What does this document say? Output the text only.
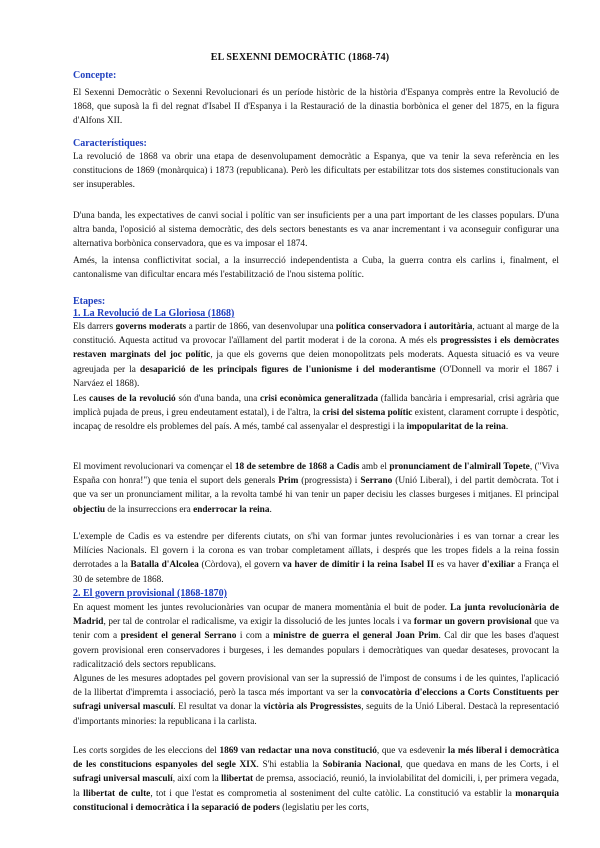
EL SEXENNI DEMOCRÀTIC (1868-74)
Concepte:

El Sexenni Democràtic o Sexenni Revolucionari és un període històric de la història d'Espanya comprès entre la Revolució de 1868, que suposà la fi del regnat d'Isabel II d'Espanya i la Restauració de la dinastia borbònica el gener del 1875, en la figura d'Alfons XII.

Característiques:

La revolució de 1868 va obrir una etapa de desenvolupament democràtic a Espanya, que va tenir la seva referència en les constitucions de 1869 (monàrquica) i 1873 (republicana). Però les dificultats per estabilitzar tots dos sistemes constitucionals van ser insuperables.

D'una banda, les expectatives de canvi social i polític van ser insuficients per a una part important de les classes populars. D'una altra banda, l'oposició al sistema democràtic, des dels sectors benestants es va anar incrementant i va aconseguir configurar una alternativa borbònica conservadora, que es va imposar el 1874.

Amés, la intensa conflictivitat social, a la insurrecció independentista a Cuba, la guerra contra els carlins i, finalment, el cantonalisme van dificultar encara més l'estabilització de l'nou sistema polític.

Etapes:
1. La Revolució de La Gloriosa (1868)

Els darrers governs moderats a partir de 1866, van desenvolupar una política conservadora i autoritària, actuant al marge de la constitució. Aquesta actitud va provocar l'aïllament del partit moderat i de la corona. A més els progressistes i els demòcrates restaven marginats del joc polític, ja que els governs que deien monopolitzats pels moderats. Aquesta situació es va veure agreujada per la desaparició de les principals figures de l'unionisme i del moderantisme (O'Donnell va morir el 1867 i Narváez el 1868).

Les causes de la revolució són d'una banda, una crisi econòmica generalitzada (fallida bancària i empresarial, crisi agrària que implicà pujada de preus, i greu endeutament estatal), i de l'altra, la crisi del sistema polític existent, clarament corrupte i despòtic, incapaç de resoldre els problemes del país. A més, també cal assenyalar el desprestigi i la impopularitat de la reina.

El moviment revolucionari va començar el 18 de setembre de 1868 a Cadis amb el pronunciament de l'almirall Topete, ("Viva España con honra!") que tenia el suport dels generals Prim (progressista) i Serrano (Unió Liberal), i del partit demòcrata. Tot i que va ser un pronunciament militar, a la revolta també hi van tenir un paper decisiu les classes burgeses i mitjanes. El principal objectiu de la insurreccions era enderrocar la reina.

L'exemple de Cadis es va estendre per diferents ciutats, on s'hi van formar juntes revolucionàries i es van tornar a crear les Milícies Nacionals. El govern i la corona es van trobar completament aïllats, i després que les tropes fidels a la reina fossin derrotades a la Batalla d'Alcolea (Còrdova), el govern va haver de dimitir i la reina Isabel II es va haver d'exiliar a França el 30 de setembre de 1868.

2. El govern provisional (1868-1870)

En aquest moment les juntes revolucionàries van ocupar de manera momentània el buit de poder. La junta revolucionària de Madrid, per tal de controlar el radicalisme, va exigir la dissolució de les juntes locals i va formar un govern provisional que va tenir com a president el general Serrano i com a ministre de guerra el general Joan Prim. Cal dir que les bases d'aquest govern provisional eren conservadores i burgeses, i les demandes populars i democràtiques van quedar desateses, provocant la radicalització dels sectors republicans.

Algunes de les mesures adoptades pel govern provisional van ser la supressió de l'impost de consums i de les quintes, l'aplicació de la llibertat d'impremta i associació, però la tasca més important va ser la convocatòria d'eleccions a Corts Constituents per sufragi universal masculí. El resultat va donar la victòria als Progressistes, seguits de la Unió Liberal. Destacà la representació d'importants minories: la republicana i la carlista.

Les corts sorgides de les eleccions del 1869 van redactar una nova constitució, que va esdevenir la més liberal i democràtica de les constitucions espanyoles del segle XIX. S'hi establia la Sobirania Nacional, que quedava en mans de les Corts, i el sufragi universal masculí, així com la llibertat de premsa, associació, reunió, la inviolabilitat del domicili, i, per primera vegada, la llibertat de culte, tot i que l'estat es comprometia al sosteniment del culte catòlic. La constitució va establir la monarquia constitucional i democràtica i la separació de poders (legislatiu per les corts,
